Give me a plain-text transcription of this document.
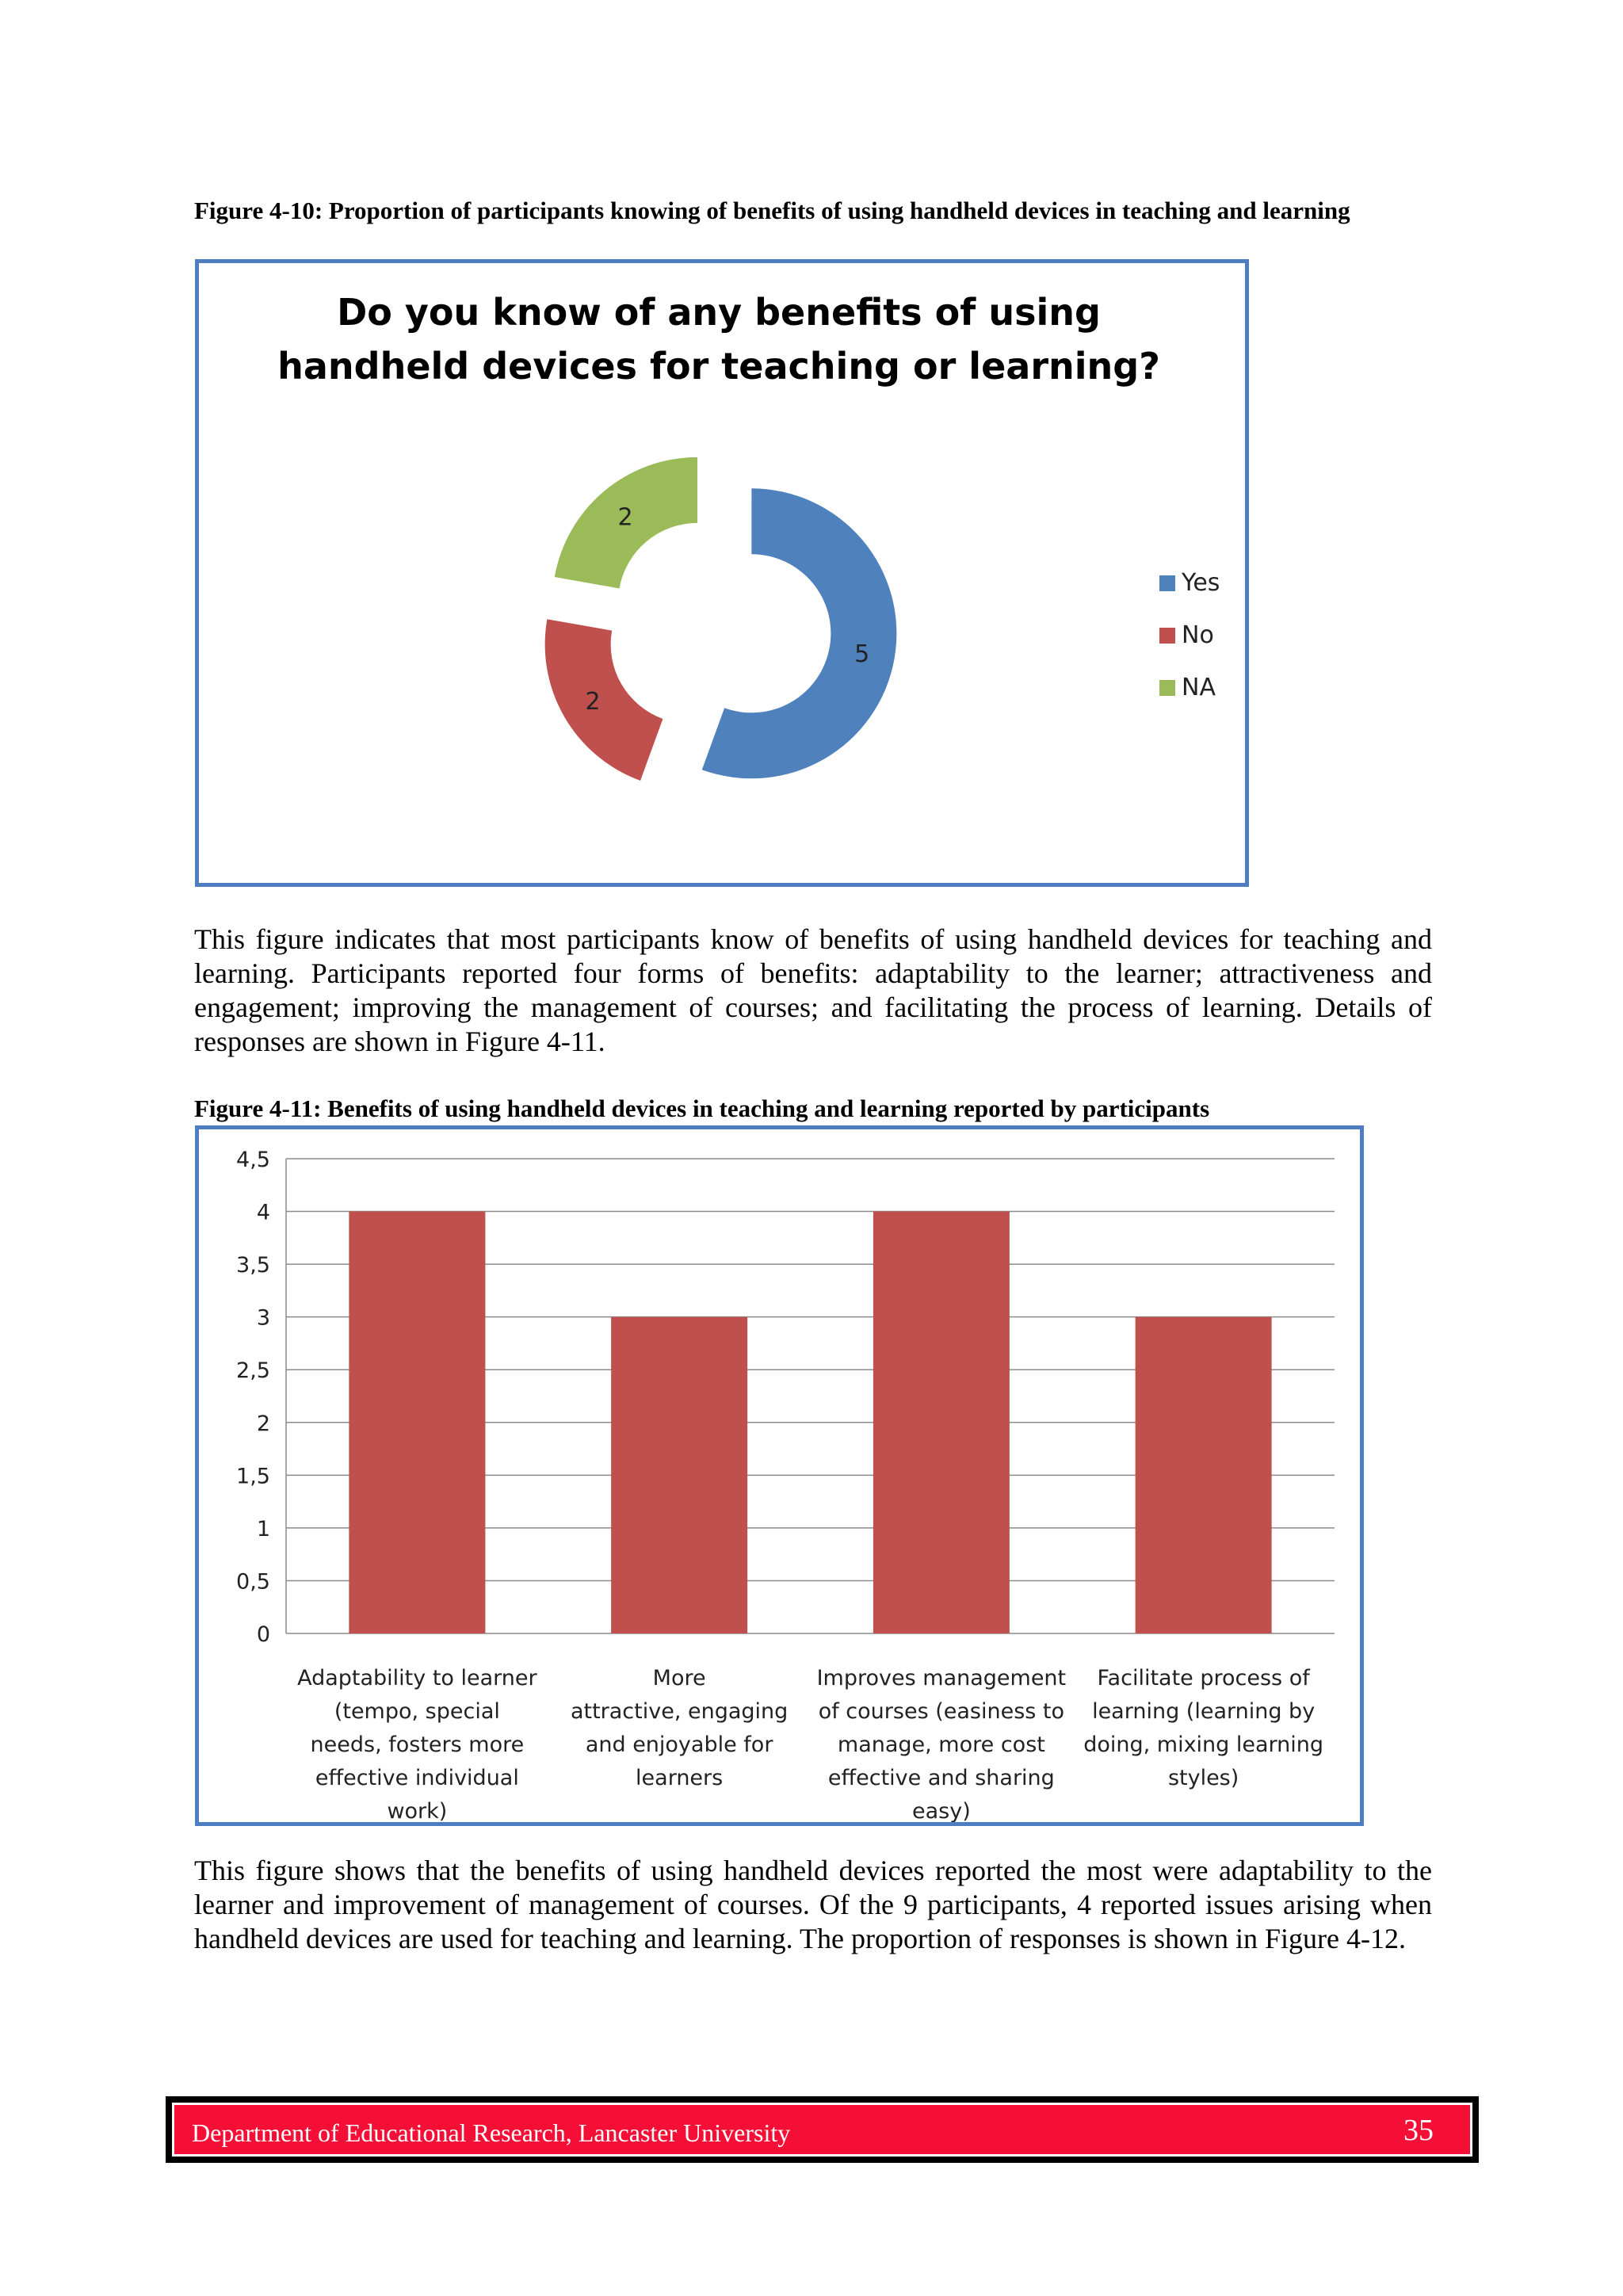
Figure 4-10: Proportion of participants knowing of benefits of using handheld devices in teaching and learning
Do you know of any benefits of using
handheld devices for teaching or learning?
5
2
2
Yes
No
NA
This figure indicates that most participants know of benefits of using handheld devices for teaching and learning. Participants reported four forms of benefits: adaptability to the learner; attractiveness and engagement; improving the management of courses; and facilitating the process of learning. Details of responses are shown in Figure 4-11.
Figure 4-11: Benefits of using handheld devices in teaching and learning reported by participants
0
0,5
1
1,5
2
2,5
3
3,5
4
4,5
Adaptability to learner (tempo, special needs, fosters more effective individual work)
More attractive, engaging and enjoyable for learners
Improves management of courses (easiness to manage, more cost effective and sharing easy)
Facilitate process of learning (learning by doing, mixing learning styles)
This figure shows that the benefits of using handheld devices reported the most were adaptability to the learner and improvement of management of courses. Of the 9 participants, 4 reported issues arising when handheld devices are used for teaching and learning. The proportion of responses is shown in Figure 4-12.
Department of Educational Research, Lancaster University	35
